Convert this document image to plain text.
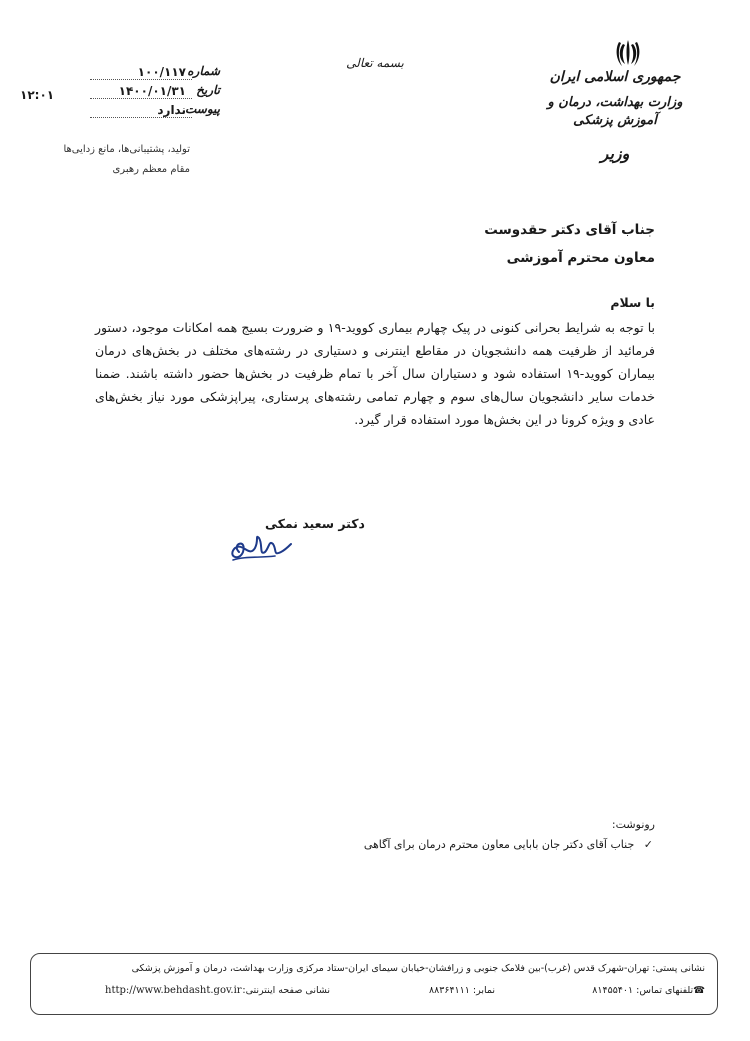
جمهوری اسلامی ایران
وزارت بهداشت، درمان و آموزش پزشکی
وزیر
بسمه تعالی
شماره
۱۰۰/۱۱۷
تاریخ
۱۴۰۰/۰۱/۳۱
پیوست
ندارد
۱۲:۰۱
تولید، پشتیبانی‌ها، مانع زدایی‌ها
مقام معظم رهبری
جناب آقای دکتر حقدوست
معاون محترم آموزشی
با سلام

با توجه به شرایط بحرانی کنونی در پیک چهارم بیماری کووید-۱۹ و ضرورت بسیج همه امکانات موجود، دستور فرمائید از ظرفیت همه دانشجویان در مقاطع اینترنی و دستیاری در رشته‌های مختلف در بخش‌های درمان بیماران کووید-۱۹ استفاده شود و دستیاران سال آخر با تمام ظرفیت در بخش‌ها حضور داشته باشند. ضمنا خدمات سایر دانشجویان سال‌های سوم و چهارم تمامی رشته‌های پرستاری، پیراپزشکی مورد نیاز بخش‌های عادی و ویژه کرونا در این بخش‌ها مورد استفاده قرار گیرد.

دکتر سعید نمکی
رونوشت:
✓ جناب آقای دکتر جان بابایی معاون محترم درمان برای آگاهی
نشانی پستی: تهران-شهرک قدس (غرب)-بین فلامک جنوبی و زرافشان-خیابان سیمای ایران-ستاد مرکزی وزارت بهداشت، درمان و آموزش پزشکی
☎تلفنهای تماس: ۸۱۴۵۵۴۰۱
نمابر: ۸۸۳۶۴۱۱۱
نشانی صفحه اینترنتی:
http://www.behdasht.gov.ir
